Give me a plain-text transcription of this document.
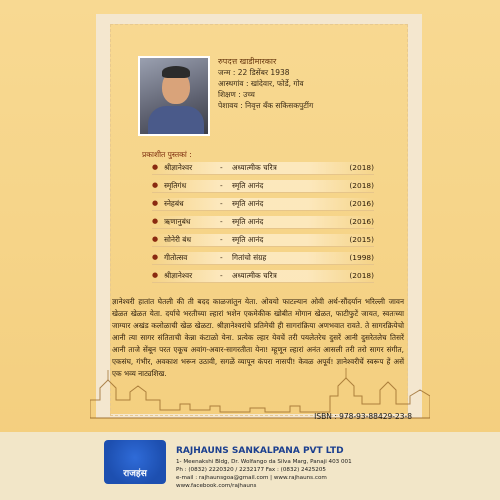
रुपदत्त खाडीमारकार
जन्म : 22 डिसेंबर 1938
आस्थगांव : खांदेवार, फोर्डे, गोव
शिक्षण : उच्च
पेशावय : निवृत्त बँक सकिसकपुटींग
प्रकाशीत पुस्तकां :
● श्रीज्ञानेश्वर	- अध्यात्मीक चरित्र	(2018)
● स्मृतिगंध	- स्मृति आनंद	(2018)
● स्नेहबंध	- स्मृति आनंद	(2016)
● ऋणानुबंध	- स्मृति आनंद	(2016)
● सोनेरी बंध	- स्मृति आनंद	(2015)
● गीतोत्सव	- गितांचो संग्रह	(1998)
● श्रीज्ञानेश्वर	- अध्यात्मीक चरित्र	(2018)
ज्ञानेश्वरी हातांत घेतली की ती बदद काळजांतुन येता. ओवयो फाटल्यान ओवी अर्थ-सौंदर्यान भरिल्ली जावन खेळत खेळत येता. दर्याचे भरतीच्या ल्हारां भशेन एकमेकीक खोबीत मोगान खेळत, फाटीफुटें जायत, स्वतःच्या जाग्यार अखंड कलोळाची खेळ खेळटा. श्रीज्ञानेश्वरांचे प्रतिमेची ही सागरांक्रिया अणभवात रावते. ते सागरक्रियेचो आनी त्या सागर संतिताची केन्ना कंटाळो येना. प्रत्येक ल्हार येवचें तरी पयलेतरेच दुसरें आनी दुसरेतलेच तिसरें आनी ताजे सेंबून परत एकूच अवांग-अवार-सागरतीता येना! म्हूणून ल्हारां अनंत आसली तरी तरो सागर संगीत, एकसंघ, गंभीर, अवकाश भरून उठावी, सगळें व्यापून कंपरा नासपी! केवळ अपूर्व! ज्ञानेश्वरीचें स्वरूप हें असें एक भव्य नाट्यशिख.
ISBN : 978-93-88429-23-8
राजहंस
RAJHAUNS SANKALPANA PVT LTD
1- Meenakshi Bldg, Dr. Wolfango da Silva Marg, Panaji 403 001
Ph : (0832) 2220320 / 2232177 Fax : (0832) 2425205
e-mail : rajhaunsgoa@gmail.com | www.rajhauns.com
www.facebook.com/rajhauns
